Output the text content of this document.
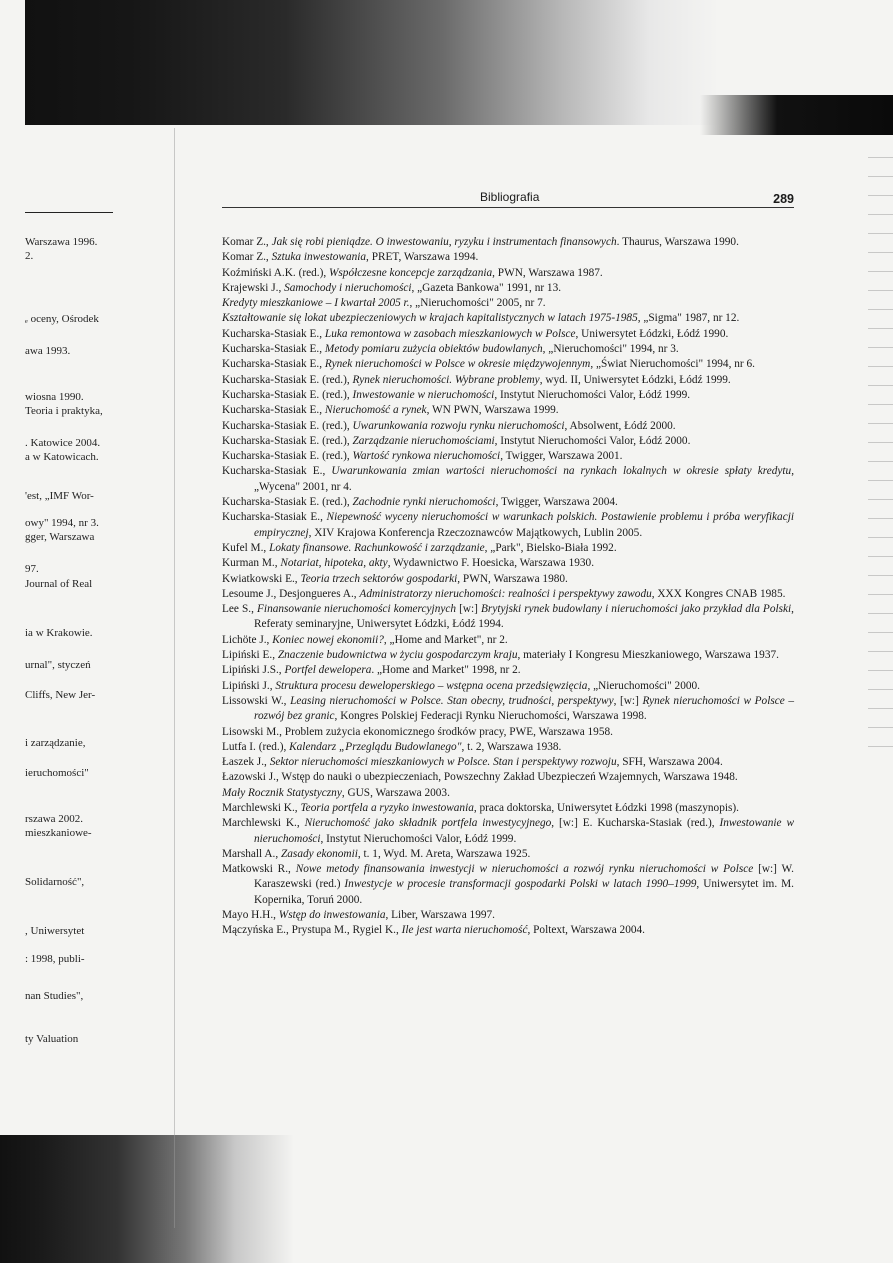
Warszawa 1996.
2.
ₑ oceny, Ośrodek
awa 1993.
wiosna 1990.
Teoria i praktyka,
. Katowice 2004.
a w Katowicach.
'est, „IMF Wor-
owy" 1994, nr 3.
gger, Warszawa
97.
Journal of Real
ia w Krakowie.
urnal", styczeń
Cliffs, New Jer-
i zarządzanie,
ieruchomości"
rszawa 2002.
mieszkaniowe-
Solidarność",
, Uniwersytet
: 1998, publi-
nan Studies",
ty Valuation
Bibliografia	289
Komar Z., Jak się robi pieniądze. O inwestowaniu, ryzyku i instrumentach finansowych. Thaurus, Warszawa 1990.
Komar Z., Sztuka inwestowania, PRET, Warszawa 1994.
Koźmiński A.K. (red.), Współczesne koncepcje zarządzania, PWN, Warszawa 1987.
Krajewski J., Samochody i nieruchomości, „Gazeta Bankowa" 1991, nr 13.
Kredyty mieszkaniowe – I kwartał 2005 r., „Nieruchomości" 2005, nr 7.
Kształtowanie się lokat ubezpieczeniowych w krajach kapitalistycznych w latach 1975-1985, „Sigma" 1987, nr 12.
Kucharska-Stasiak E., Luka remontowa w zasobach mieszkaniowych w Polsce, Uniwersytet Łódzki, Łódź 1990.
Kucharska-Stasiak E., Metody pomiaru zużycia obiektów budowlanych, „Nieruchomości" 1994, nr 3.
Kucharska-Stasiak E., Rynek nieruchomości w Polsce w okresie międzywojennym, „Świat Nieruchomości" 1994, nr 6.
Kucharska-Stasiak E. (red.), Rynek nieruchomości. Wybrane problemy, wyd. II, Uniwersytet Łódzki, Łódź 1999.
Kucharska-Stasiak E. (red.), Inwestowanie w nieruchomości, Instytut Nieruchomości Valor, Łódź 1999.
Kucharska-Stasiak E., Nieruchomość a rynek, WN PWN, Warszawa 1999.
Kucharska-Stasiak E. (red.), Uwarunkowania rozwoju rynku nieruchomości, Absolwent, Łódź 2000.
Kucharska-Stasiak E. (red.), Zarządzanie nieruchomościami, Instytut Nieruchomości Valor, Łódź 2000.
Kucharska-Stasiak E. (red.), Wartość rynkowa nieruchomości, Twigger, Warszawa 2001.
Kucharska-Stasiak E., Uwarunkowania zmian wartości nieruchomości na rynkach lokalnych w okresie spłaty kredytu, „Wycena" 2001, nr 4.
Kucharska-Stasiak E. (red.), Zachodnie rynki nieruchomości, Twigger, Warszawa 2004.
Kucharska-Stasiak E., Niepewność wyceny nieruchomości w warunkach polskich. Postawienie problemu i próba weryfikacji empirycznej, XIV Krajowa Konferencja Rzeczoznawców Majątkowych, Lublin 2005.
Kufel M., Lokaty finansowe. Rachunkowość i zarządzanie, „Park", Bielsko-Biała 1992.
Kurman M., Notariat, hipoteka, akty, Wydawnictwo F. Hoesicka, Warszawa 1930.
Kwiatkowski E., Teoria trzech sektorów gospodarki, PWN, Warszawa 1980.
Lesoume J., Desjongueres A., Administratorzy nieruchomości: realności i perspektywy zawodu, XXX Kongres CNAB 1985.
Lee S., Finansowanie nieruchomości komercyjnych [w:] Brytyjski rynek budowlany i nieruchomości jako przykład dla Polski, Referaty seminaryjne, Uniwersytet Łódzki, Łódź 1994.
Lichöte J., Koniec nowej ekonomii?, „Home and Market", nr 2.
Lipiński E., Znaczenie budownictwa w życiu gospodarczym kraju, materiały I Kongresu Mieszkaniowego, Warszawa 1937.
Lipiński J.S., Portfel dewelopera. „Home and Market" 1998, nr 2.
Lipiński J., Struktura procesu deweloperskiego – wstępna ocena przedsięwzięcia, „Nieruchomości" 2000.
Lissowski W., Leasing nieruchomości w Polsce. Stan obecny, trudności, perspektywy, [w:] Rynek nieruchomości w Polsce – rozwój bez granic, Kongres Polskiej Federacji Rynku Nieruchomości, Warszawa 1998.
Lisowski M., Problem zużycia ekonomicznego środków pracy, PWE, Warszawa 1958.
Lutfa I. (red.), Kalendarz „Przeglądu Budowlanego", t. 2, Warszawa 1938.
Łaszek J., Sektor nieruchomości mieszkaniowych w Polsce. Stan i perspektywy rozwoju, SFH, Warszawa 2004.
Łazowski J., Wstęp do nauki o ubezpieczeniach, Powszechny Zakład Ubezpieczeń Wzajemnych, Warszawa 1948.
Mały Rocznik Statystyczny, GUS, Warszawa 2003.
Marchlewski K., Teoria portfela a ryzyko inwestowania, praca doktorska, Uniwersytet Łódzki 1998 (maszynopis).
Marchlewski K., Nieruchomość jako składnik portfela inwestycyjnego, [w:] E. Kucharska-Stasiak (red.), Inwestowanie w nieruchomości, Instytut Nieruchomości Valor, Łódź 1999.
Marshall A., Zasady ekonomii, t. 1, Wyd. M. Areta, Warszawa 1925.
Matkowski R., Nowe metody finansowania inwestycji w nieruchomości a rozwój rynku nieruchomości w Polsce [w:] W. Karaszewski (red.) Inwestycje w procesie transformacji gospodarki Polski w latach 1990–1999, Uniwersytet im. M. Kopernika, Toruń 2000.
Mayo H.H., Wstęp do inwestowania, Liber, Warszawa 1997.
Mączyńska E., Prystupa M., Rygiel K., Ile jest warta nieruchomość, Poltext, Warszawa 2004.
